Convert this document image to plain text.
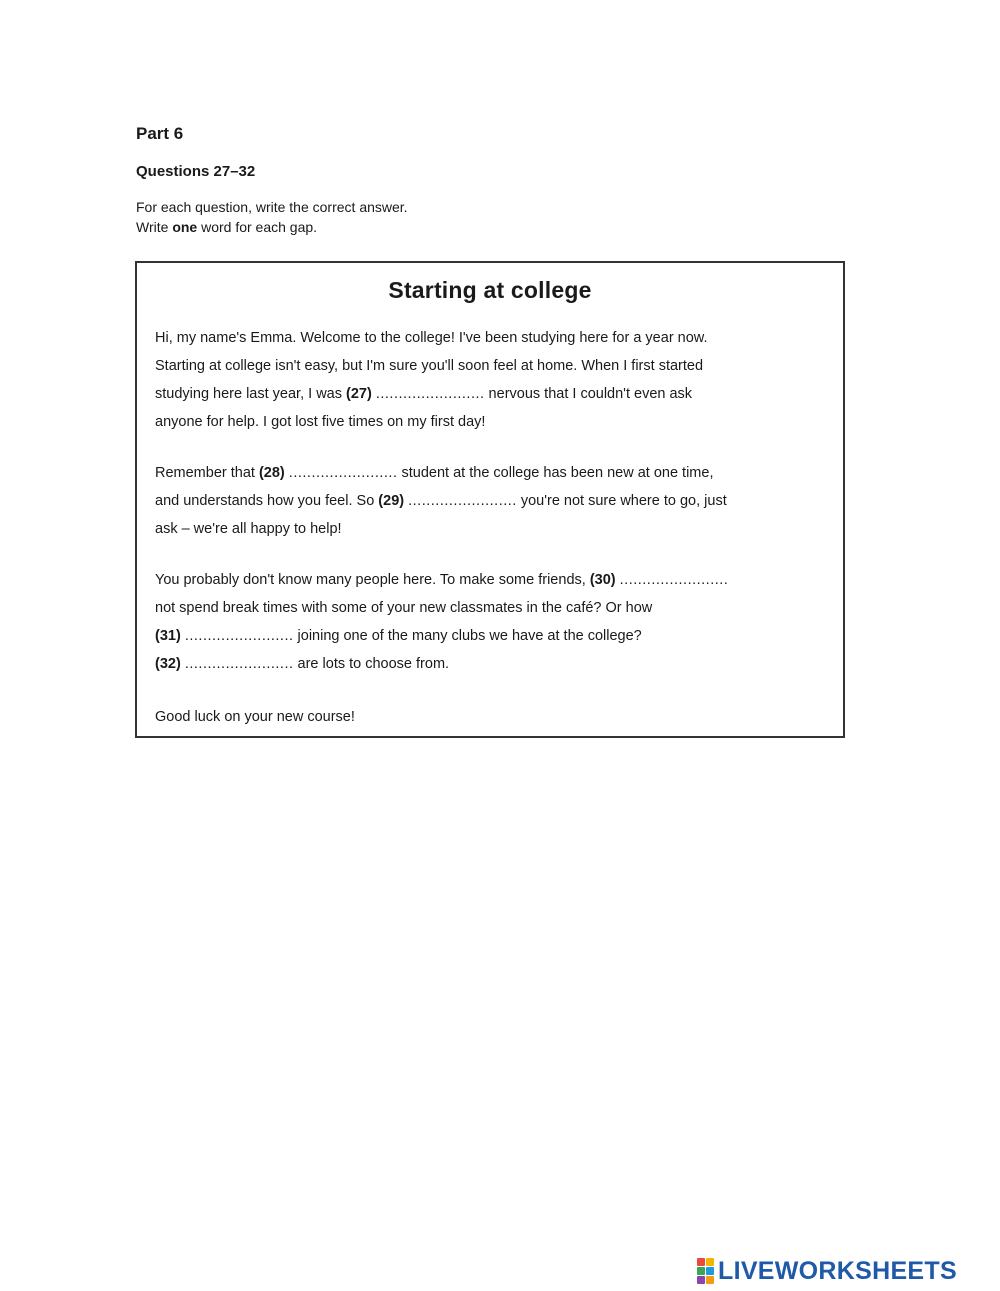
Part 6
Questions 27–32

For each question, write the correct answer.

Write one word for each gap.

Starting at college

Hi, my name's Emma. Welcome to the college! I've been studying here for a year now.
Starting at college isn't easy, but I'm sure you'll soon feel at home. When I first started
studying here last year, I was (27) ........................ nervous that I couldn't even ask
anyone for help. I got lost five times on my first day!

Remember that (28) ........................ student at the college has been new at one time,
and understands how you feel. So (29) ........................ you're not sure where to go, just
ask – we're all happy to help!

You probably don't know many people here. To make some friends, (30) ........................
not spend break times with some of your new classmates in the café? Or how
(31) ........................ joining one of the many clubs we have at the college?
(32) ........................ are lots to choose from.

Good luck on your new course!

LIVEWORKSHEETS
